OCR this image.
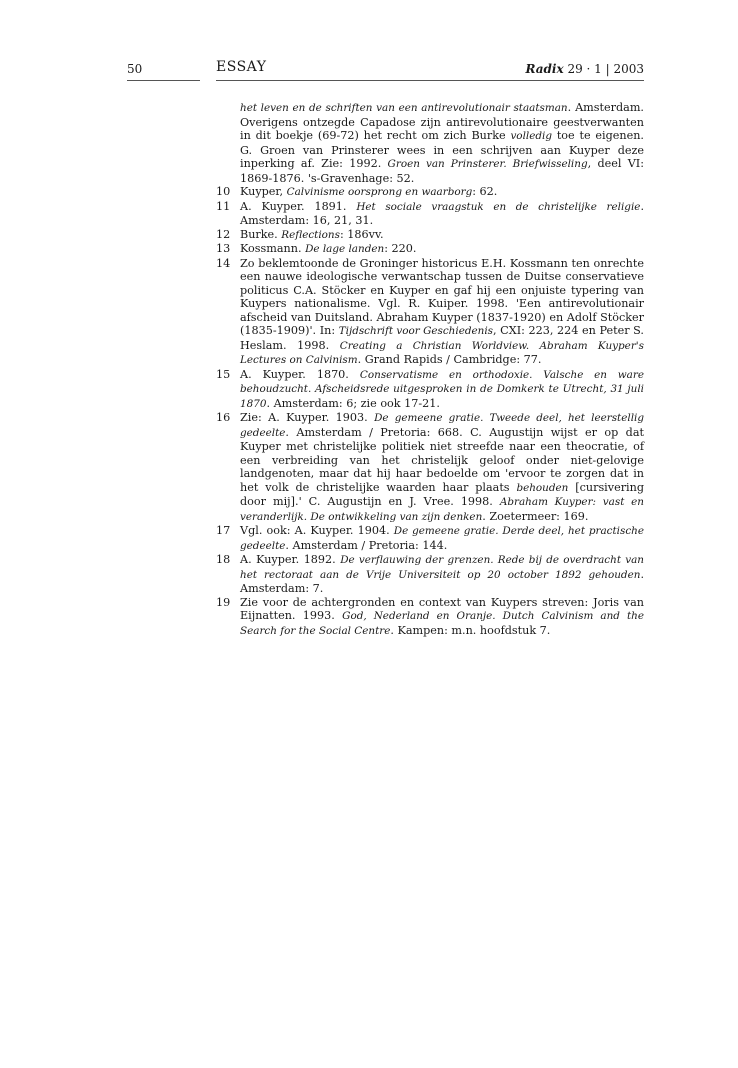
50	ESSAY	Radix 29 · 1 | 2003
het leven en de schriften van een antirevolutionair staatsman. Amsterdam. Overigens ontzegde Capadose zijn antirevolutionaire geestverwanten in dit boekje (69-72) het recht om zich Burke volledig toe te eigenen. G. Groen van Prinsterer wees in een schrijven aan Kuyper deze inperking af. Zie: 1992. Groen van Prinsterer. Briefwisseling, deel VI: 1869-1876. 's-Gravenhage: 52.
10 Kuyper, Calvinisme oorsprong en waarborg: 62.
11 A. Kuyper. 1891. Het sociale vraagstuk en de christelijke religie. Amsterdam: 16, 21, 31.
12 Burke. Reflections: 186vv.
13 Kossmann. De lage landen: 220.
14 Zo beklemtoonde de Groninger historicus E.H. Kossmann ten onrechte een nauwe ideologische verwantschap tussen de Duitse conservatieve politicus C.A. Stöcker en Kuyper en gaf hij een onjuiste typering van Kuypers nationalisme. Vgl. R. Kuiper. 1998. 'Een antirevolutionair afscheid van Duitsland. Abraham Kuyper (1837-1920) en Adolf Stöcker (1835-1909)'. In: Tijdschrift voor Geschiedenis, CXI: 223, 224 en Peter S. Heslam. 1998. Creating a Christian Worldview. Abraham Kuyper's Lectures on Calvinism. Grand Rapids / Cambridge: 77.
15 A. Kuyper. 1870. Conservatisme en orthodoxie. Valsche en ware behoudzucht. Afscheidsrede uitgesproken in de Domkerk te Utrecht, 31 juli 1870. Amsterdam: 6; zie ook 17-21.
16 Zie: A. Kuyper. 1903. De gemeene gratie. Tweede deel, het leerstellig gedeelte. Amsterdam / Pretoria: 668. C. Augustijn wijst er op dat Kuyper met christelijke politiek niet streefde naar een theocratie, of een verbreiding van het christelijk geloof onder niet-gelovige landgenoten, maar dat hij haar bedoelde om 'ervoor te zorgen dat in het volk de christelijke waarden haar plaats behouden [cursivering door mij].' C. Augustijn en J. Vree. 1998. Abraham Kuyper: vast en veranderlijk. De ontwikkeling van zijn denken. Zoetermeer: 169.
17 Vgl. ook: A. Kuyper. 1904. De gemeene gratie. Derde deel, het practische gedeelte. Amsterdam / Pretoria: 144.
18 A. Kuyper. 1892. De verflauwing der grenzen. Rede bij de overdracht van het rectoraat aan de Vrije Universiteit op 20 october 1892 gehouden. Amsterdam: 7.
19 Zie voor de achtergronden en context van Kuypers streven: Joris van Eijnatten. 1993. God, Nederland en Oranje. Dutch Calvinism and the Search for the Social Centre. Kampen: m.n. hoofdstuk 7.
